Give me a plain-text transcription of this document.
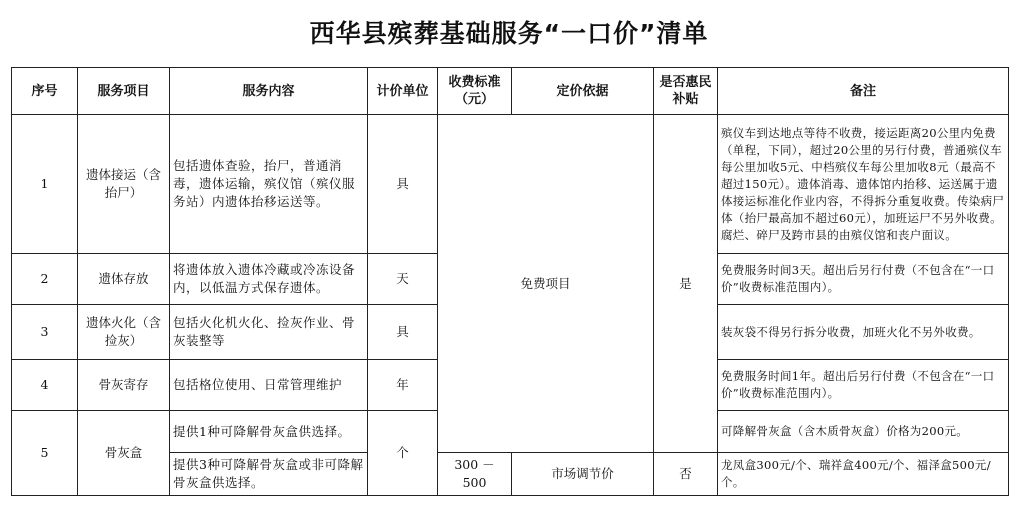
西华县殡葬基础服务“一口价”清单
序号	服务项目	服务内容	计价单位	收费标准（元）	定价依据	是否惠民补贴	备注
1	遗体接运（含抬尸）	包括遗体查验，抬尸，普通消毒，遗体运输，殡仪馆（殡仪服务站）内遗体抬移运送等。	具	免费项目		是	殡仪车到达地点等待不收费，接运距离20公里内免费（单程，下同），超过20公里的另行付费，普通殡仪车每公里加收5元、中档殡仪车每公里加收8元（最高不超过150元）。遗体消毒、遗体馆内抬移、运送属于遗体接运标准化作业内容，不得拆分重复收费。传染病尸体（抬尸最高加不超过60元），加班运尸不另外收费。腐烂、碎尸及跨市县的由殡仪馆和丧户面议。
2	遗体存放	将遗体放入遗体冷藏或冷冻设备内，以低温方式保存遗体。	天				免费服务时间3天。超出后另行付费（不包含在“一口价”收费标准范围内）。
3	遗体火化（含捡灰）	包括火化机火化、捡灰作业、骨灰装整等	具				装灰袋不得另行拆分收费，加班火化不另外收费。
4	骨灰寄存	包括格位使用、日常管理维护	年				免费服务时间1年。超出后另行付费（不包含在“一口价”收费标准范围内）。
5	骨灰盒	提供1种可降解骨灰盒供选择。	个				可降解骨灰盒（含木质骨灰盒）价格为200元。
		提供3种可降解骨灰盒或非可降解骨灰盒供选择。		300 － 500	市场调节价	否	龙凤盒300元/个、瑞祥盒400元/个、福泽盒500元/个。
